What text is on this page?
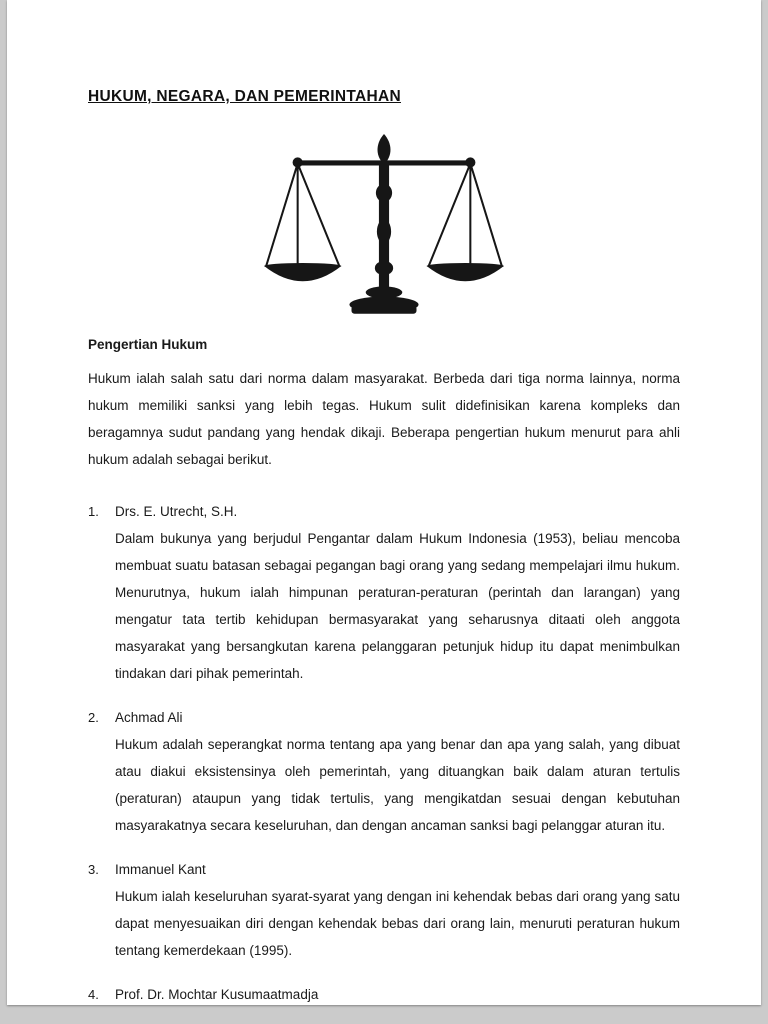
HUKUM, NEGARA, DAN PEMERINTAHAN
Pengertian Hukum

Hukum ialah salah satu dari norma dalam masyarakat. Berbeda dari tiga norma lainnya, norma hukum memiliki sanksi yang lebih tegas. Hukum sulit didefinisikan karena kompleks dan beragamnya sudut pandang yang hendak dikaji. Beberapa pengertian hukum menurut para ahli hukum adalah sebagai berikut.

1. Drs. E. Utrecht, S.H.

Dalam bukunya yang berjudul Pengantar dalam Hukum Indonesia (1953), beliau mencoba membuat suatu batasan sebagai pegangan bagi orang yang sedang mempelajari ilmu hukum. Menurutnya, hukum ialah himpunan peraturan-peraturan (perintah dan larangan) yang mengatur tata tertib kehidupan bermasyarakat yang seharusnya ditaati oleh anggota masyarakat yang bersangkutan karena pelanggaran petunjuk hidup itu dapat menimbulkan tindakan dari pihak pemerintah.

2. Achmad Ali

Hukum adalah seperangkat norma tentang apa yang benar dan apa yang salah, yang dibuat atau diakui eksistensinya oleh pemerintah, yang dituangkan baik dalam aturan tertulis (peraturan) ataupun yang tidak tertulis, yang mengikatdan sesuai dengan kebutuhan masyarakatnya secara keseluruhan, dan dengan ancaman sanksi bagi pelanggar aturan itu.

3. Immanuel Kant

Hukum ialah keseluruhan syarat-syarat yang dengan ini kehendak bebas dari orang yang satu dapat menyesuaikan diri dengan kehendak bebas dari orang lain, menuruti peraturan hukum tentang kemerdekaan (1995).

4. Prof. Dr. Mochtar Kusumaatmadja
